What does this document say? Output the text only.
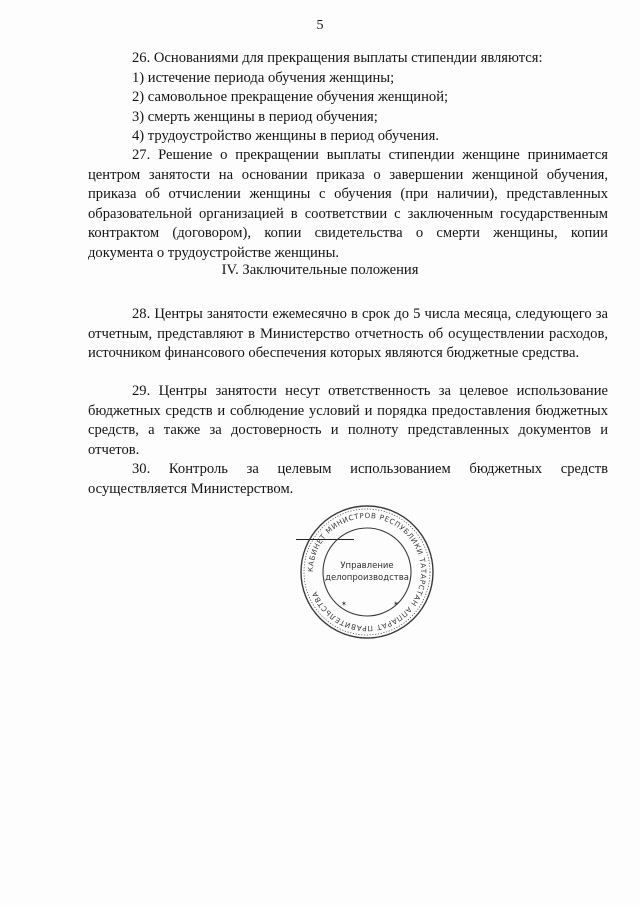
5

26. Основаниями для прекращения выплаты стипендии являются:

1) истечение периода обучения женщины;

2) самовольное прекращение обучения женщиной;

3) смерть женщины в период обучения;

4) трудоустройство женщины в период обучения.

27. Решение о прекращении выплаты стипендии женщине принимается центром занятости на основании приказа о завершении женщиной обучения, приказа об отчислении женщины с обучения (при наличии), представленных образовательной организацией в соответствии с заключенным государственным контрактом (договором), копии свидетельства о смерти женщины, копии документа о трудоустройстве женщины.

IV. Заключительные положения

28. Центры занятости ежемесячно в срок до 5 числа месяца, следующего за отчетным, представляют в Министерство отчетность об осуществлении расходов, источником финансового обеспечения которых являются бюджетные средства.

29. Центры занятости несут ответственность за целевое использование бюджетных средств и соблюдение условий и порядка предоставления бюджетных средств, а также за достоверность и полноту представленных документов и отчетов.

30. Контроль за целевым использованием бюджетных средств осуществляется Министерством.

КАБИНЕТ МИНИСТРОВ РЕСПУБЛИКИ ТАТАРСТАН АППАРАТ ПРАВИТЕЛЬСТВА
Управление
делопроизводства
✶	✶
